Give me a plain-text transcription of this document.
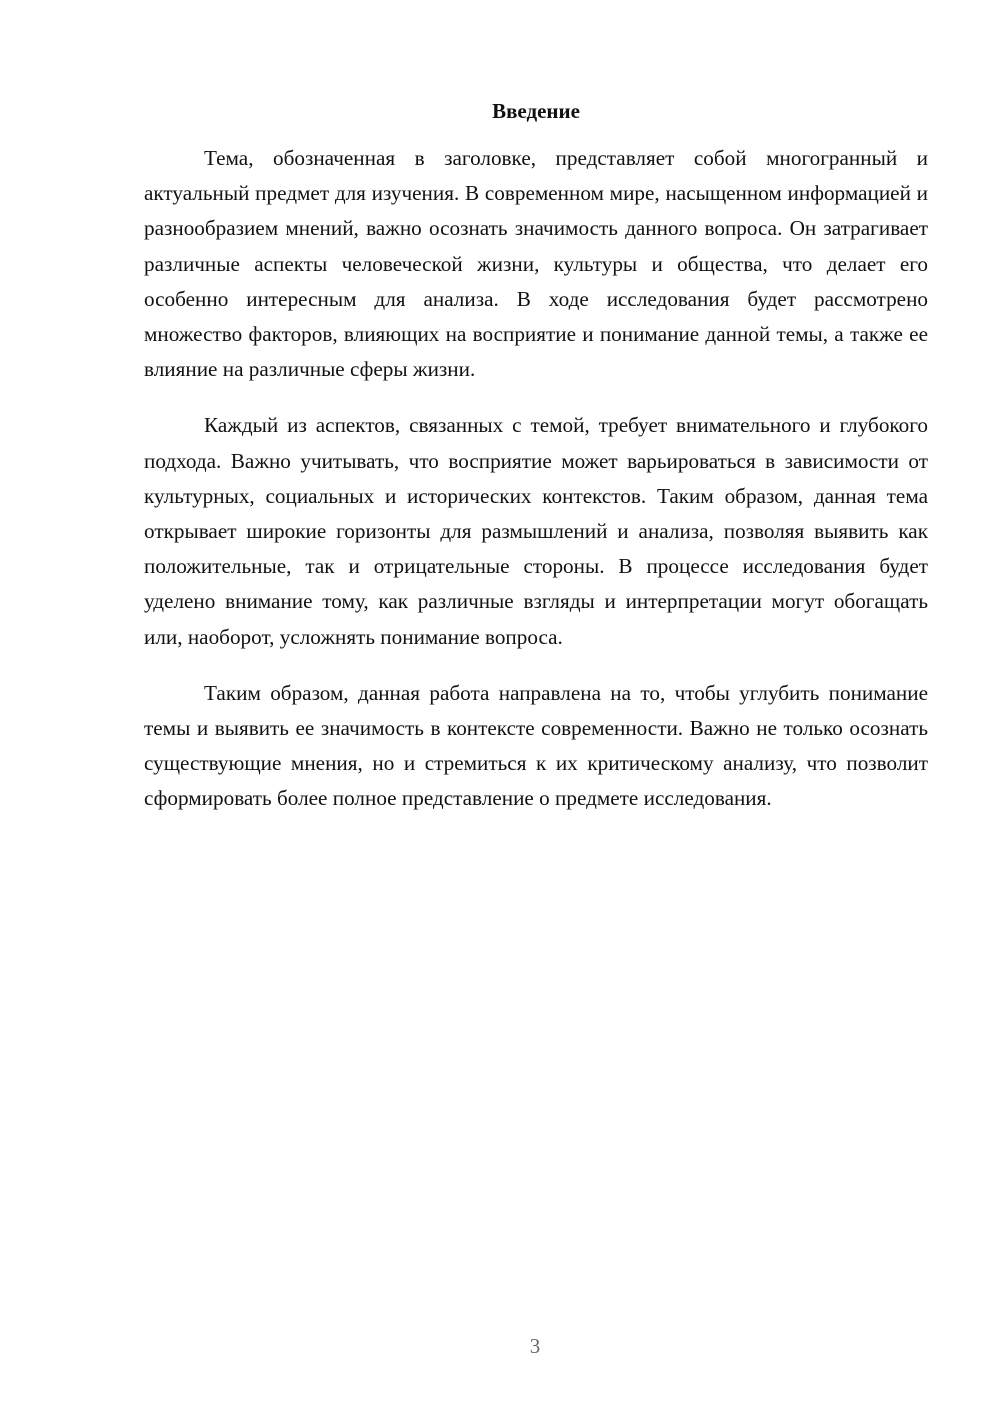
Введение

Тема, обозначенная в заголовке, представляет собой многогранный и актуальный предмет для изучения. В современном мире, насыщенном информацией и разнообразием мнений, важно осознать значимость данного вопроса. Он затрагивает различные аспекты человеческой жизни, культуры и общества, что делает его особенно интересным для анализа. В ходе исследования будет рассмотрено множество факторов, влияющих на восприятие и понимание данной темы, а также ее влияние на различные сферы жизни.

Каждый из аспектов, связанных с темой, требует внимательного и глубокого подхода. Важно учитывать, что восприятие может варьироваться в зависимости от культурных, социальных и исторических контекстов. Таким образом, данная тема открывает широкие горизонты для размышлений и анализа, позволяя выявить как положительные, так и отрицательные стороны. В процессе исследования будет уделено внимание тому, как различные взгляды и интерпретации могут обогащать или, наоборот, усложнять понимание вопроса.

Таким образом, данная работа направлена на то, чтобы углубить понимание темы и выявить ее значимость в контексте современности. Важно не только осознать существующие мнения, но и стремиться к их критическому анализу, что позволит сформировать более полное представление о предмете исследования.

3
